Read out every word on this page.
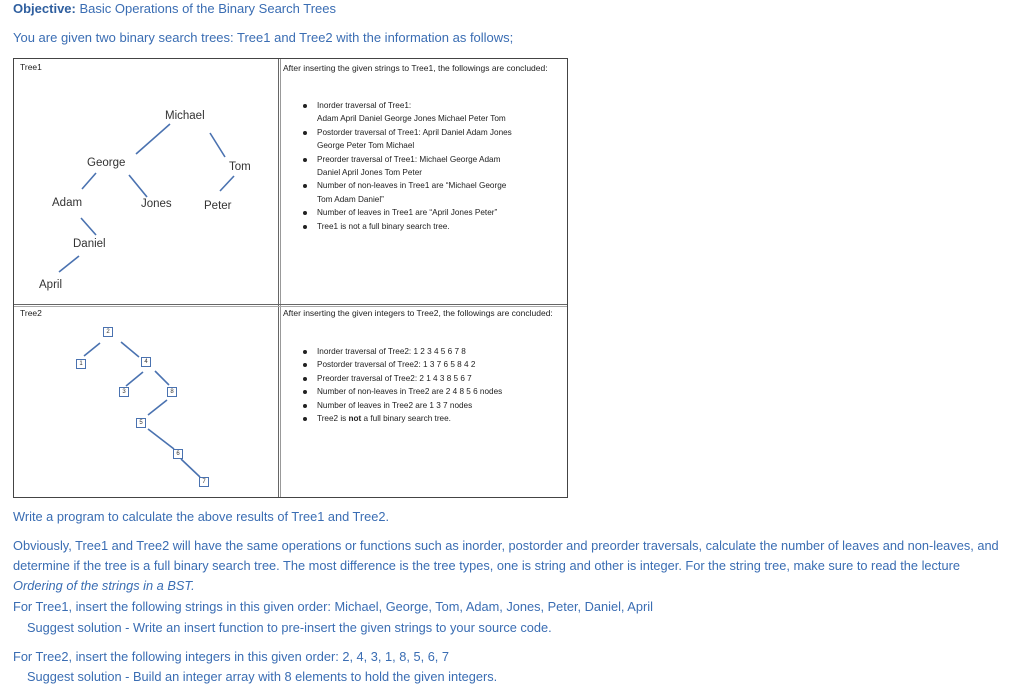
Objective: Basic Operations of the Binary Search Trees
You are given two binary search trees: Tree1 and Tree2 with the information as follows;
Tree1
Michael
George	Tom
Adam	Jones	Peter
Daniel
April
After inserting the given strings to Tree1, the followings are concluded:
Inorder traversal of Tree1:
Adam April Daniel George Jones Michael Peter Tom
Postorder traversal of Tree1: April Daniel Adam Jones
George Peter Tom Michael
Preorder traversal of Tree1: Michael George Adam
Daniel April Jones Tom Peter
Number of non-leaves in Tree1 are “Michael George
Tom Adam Daniel”
Number of leaves in Tree1 are “April Jones Peter”
Tree1 is not a full binary search tree.
Tree2
2
1	4
3	8
5
6
7
After inserting the given integers to Tree2, the followings are concluded:
Inorder traversal of Tree2: 1 2 3 4 5 6 7 8
Postorder traversal of Tree2: 1 3 7 6 5 8 4 2
Preorder traversal of Tree2: 2 1 4 3 8 5 6 7
Number of non-leaves in Tree2 are 2 4 8 5 6 nodes
Number of leaves in Tree2 are 1 3 7 nodes
Tree2 is not a full binary search tree.
Write a program to calculate the above results of Tree1 and Tree2.
Obviously, Tree1 and Tree2 will have the same operations or functions such as inorder, postorder and preorder traversals, calculate the number of leaves and non-leaves, and determine if the tree is a full binary search tree. The most difference is the tree types, one is string and other is integer. For the string tree, make sure to read the lecture Ordering of the strings in a BST.
For Tree1, insert the following strings in this given order: Michael, George, Tom, Adam, Jones, Peter, Daniel, April
Suggest solution - Write an insert function to pre-insert the given strings to your source code.
For Tree2, insert the following integers in this given order: 2, 4, 3, 1, 8, 5, 6, 7
Suggest solution - Build an integer array with 8 elements to hold the given integers.
